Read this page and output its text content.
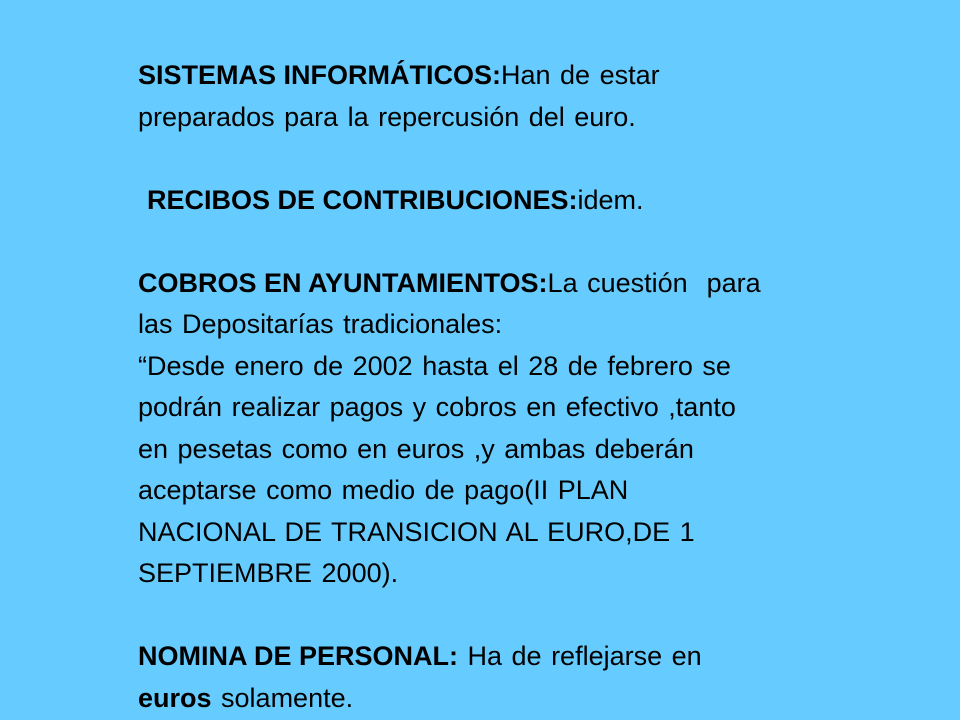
SISTEMAS INFORMÁTICOS:Han de estar
preparados para la repercusión del euro.
RECIBOS DE CONTRIBUCIONES:idem.
COBROS EN AYUNTAMIENTOS:La cuestión  para
las Depositarías tradicionales:
“Desde enero de 2002 hasta el 28 de febrero se
podrán realizar pagos y cobros en efectivo ,tanto
en pesetas como en euros ,y ambas deberán
aceptarse como medio de pago(II PLAN
NACIONAL DE TRANSICION AL EURO,DE 1
SEPTIEMBRE 2000).
NOMINA DE PERSONAL: Ha de reflejarse en
euros solamente.
